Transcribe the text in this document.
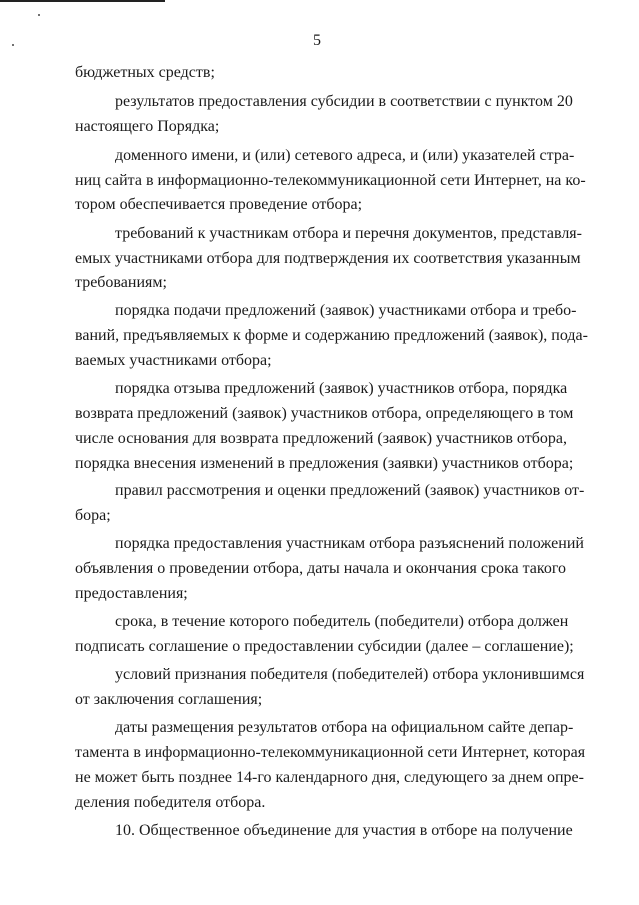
5
бюджетных средств;
результатов предоставления субсидии в соответствии с пунктом 20
настоящего Порядка;
доменного имени, и (или) сетевого адреса, и (или) указателей стра-
ниц сайта в информационно-телекоммуникационной сети Интернет, на ко-
тором обеспечивается проведение отбора;
требований к участникам отбора и перечня документов, представля-
емых участниками отбора для подтверждения их соответствия указанным
требованиям;
порядка подачи предложений (заявок) участниками отбора и требо-
ваний, предъявляемых к форме и содержанию предложений (заявок), пода-
ваемых участниками отбора;
порядка отзыва предложений (заявок) участников отбора, порядка
возврата предложений (заявок) участников отбора, определяющего в том
числе основания для возврата предложений (заявок) участников отбора,
порядка внесения изменений в предложения (заявки) участников отбора;
правил рассмотрения и оценки предложений (заявок) участников от-
бора;
порядка предоставления участникам отбора разъяснений положений
объявления о проведении отбора, даты начала и окончания срока такого
предоставления;
срока, в течение которого победитель (победители) отбора должен
подписать соглашение о предоставлении субсидии (далее – соглашение);
условий признания победителя (победителей) отбора уклонившимся
от заключения соглашения;
даты размещения результатов отбора на официальном сайте депар-
тамента в информационно-телекоммуникационной сети Интернет, которая
не может быть позднее 14-го календарного дня, следующего за днем опре-
деления победителя отбора.
10. Общественное объединение для участия в отборе на получение
